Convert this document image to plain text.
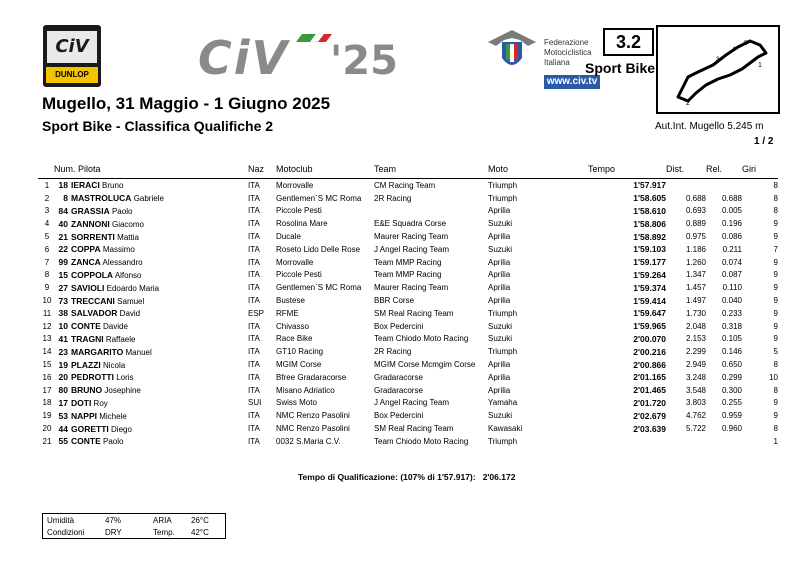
CiV
DUNLOP CiV '25	Federazione
Motociclistica
Italiana
www.civ.tv
3.2
Sport Bike	1
2
3
4
5
Mugello, 31 Maggio - 1 Giugno 2025
Sport Bike - Classifica Qualifiche 2	Aut.Int. Mugello 5.245 m
1 / 2
Num. Pilota			Naz	Motoclub	Team	Moto	Tempo	Dist.	Rel.	Giri
1	18	IERACI Bruno	ITA	Morrovalle	CM Racing Team	Triumph	1'57.917			8
2	8	MASTROLUCA Gabriele	ITA	Gentlemen`S MC Roma	2R Racing	Triumph	1'58.605	0.688	0.688	8
3	84	GRASSIA Paolo	ITA	Piccole Pesti		Aprilia	1'58.610	0.693	0.005	8
4	40	ZANNONI Giacomo	ITA	Rosolina Mare	E&E Squadra Corse	Suzuki	1'58.806	0.889	0.196	9
5	21	SORRENTI Mattia	ITA	Ducale	Maurer Racing Team	Aprilia	1'58.892	0.975	0.086	9
6	22	COPPA Massimo	ITA	Roseto Lido Delle Rose	J Angel Racing Team	Suzuki	1'59.103	1.186	0.211	7
7	99	ZANCA Alessandro	ITA	Morrovalle	Team MMP Racing	Aprilia	1'59.177	1.260	0.074	9
8	15	COPPOLA Alfonso	ITA	Piccole Pesti	Team MMP Racing	Aprilia	1'59.264	1.347	0.087	9
9	27	SAVIOLI Edoardo Maria	ITA	Gentlemen`S MC Roma	Maurer Racing Team	Aprilia	1'59.374	1.457	0.110	9
10	73	TRECCANI Samuel	ITA	Bustese	BBR Corse	Aprilia	1'59.414	1.497	0.040	9
11	38	SALVADOR David	ESP	RFME	SM Real Racing Team	Triumph	1'59.647	1.730	0.233	9
12	10	CONTE Davide	ITA	Chivasso	Box Pedercini	Suzuki	1'59.965	2.048	0.318	9
13	41	TRAGNI Raffaele	ITA	Race Bike	Team Chiodo Moto Racing	Suzuki	2'00.070	2.153	0.105	9
14	23	MARGARITO Manuel	ITA	GT10 Racing	2R Racing	Triumph	2'00.216	2.299	0.146	5
15	19	PLAZZI Nicola	ITA	MGIM Corse	MGIM Corse Mcmgim Corse	Aprilia	2'00.866	2.949	0.650	8
16	20	PEDROTTI Loris	ITA	Bfree Gradaracorse	Gradaracorse	Aprilia	2'01.165	3.248	0.299	10
17	80	BRUNO Josephine	ITA	Misano Adriatico	Gradaracorse	Aprilia	2'01.465	3.548	0.300	8
18	17	DOTI Roy	SUI	Swiss Moto	J Angel Racing Team	Yamaha	2'01.720	3.803	0.255	9
19	53	NAPPI Michele	ITA	NMC Renzo Pasolini	Box Pedercini	Suzuki	2'02.679	4.762	0.959	9
20	44	GORETTI Diego	ITA	NMC Renzo Pasolini	SM Real Racing Team	Kawasaki	2'03.639	5.722	0.960	8
21	55	CONTE Paolo	ITA	0032 S.Maria C.V.	Team Chiodo Moto Racing	Triumph				1
Tempo di Qualificazione: (107% di 1'57.917): 2'06.172
Umidità	47%	ARIA	26°C
Condizioni	DRY	Temp.	42°C
